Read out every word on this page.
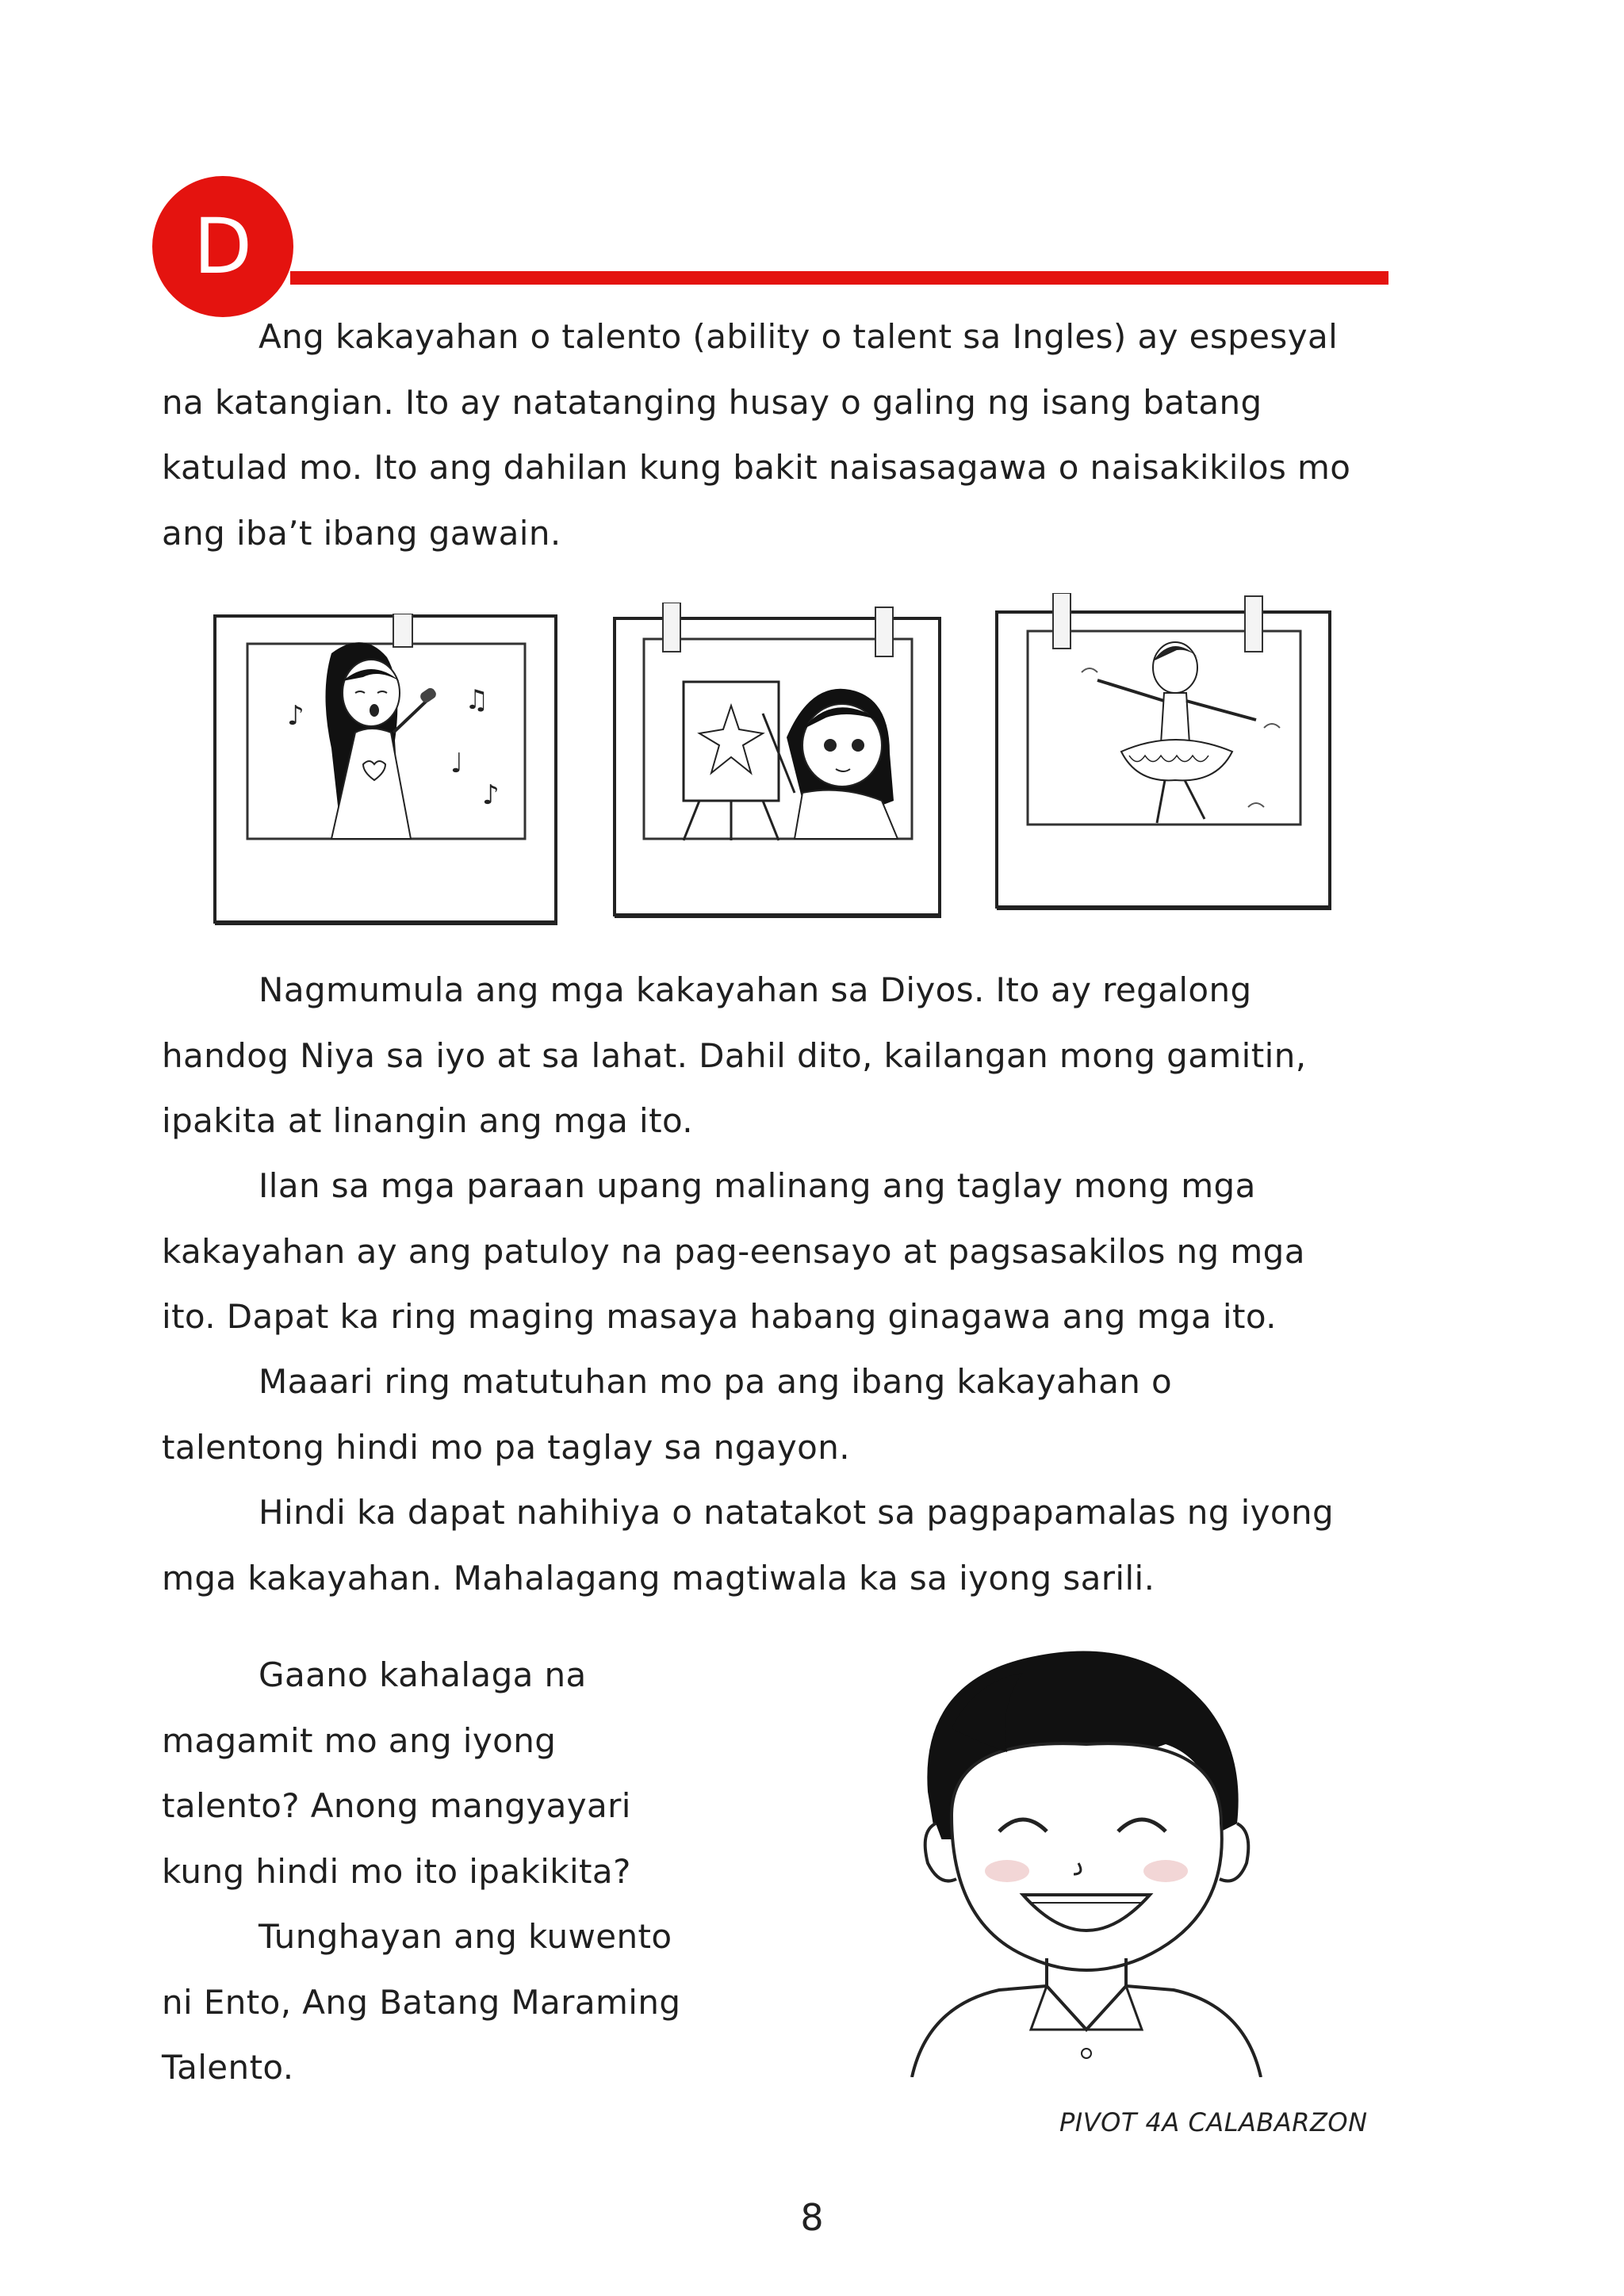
D

Ang kakayahan o talento (ability o talent sa Ingles) ay espesyal
na katangian. Ito ay natatanging husay o galing ng isang batang
katulad mo. Ito ang dahilan kung bakit naisasagawa o naisakikilos mo
ang iba’t ibang gawain.

♪	♫
♩
♪

Nagmumula ang mga kakayahan sa Diyos. Ito ay regalong
handog Niya sa iyo at sa lahat. Dahil dito, kailangan mong gamitin,
ipakita at linangin ang mga ito.

Ilan sa mga paraan upang malinang ang taglay mong mga
kakayahan ay ang patuloy na pag-eensayo at pagsasakilos ng mga
ito. Dapat ka ring maging masaya habang ginagawa ang mga ito.

Maaari ring matutuhan mo pa ang ibang kakayahan o
talentong hindi mo pa taglay sa ngayon.

Hindi ka dapat nahihiya o natatakot sa pagpapamalas ng iyong
mga kakayahan. Mahalagang magtiwala ka sa iyong sarili.

Gaano kahalaga na
magamit mo ang iyong
talento? Anong mangyayari
kung hindi mo ito ipakikita?
Tunghayan ang kuwento
ni Ento, Ang Batang Maraming
Talento.

PIVOT 4A CALABARZON
8
